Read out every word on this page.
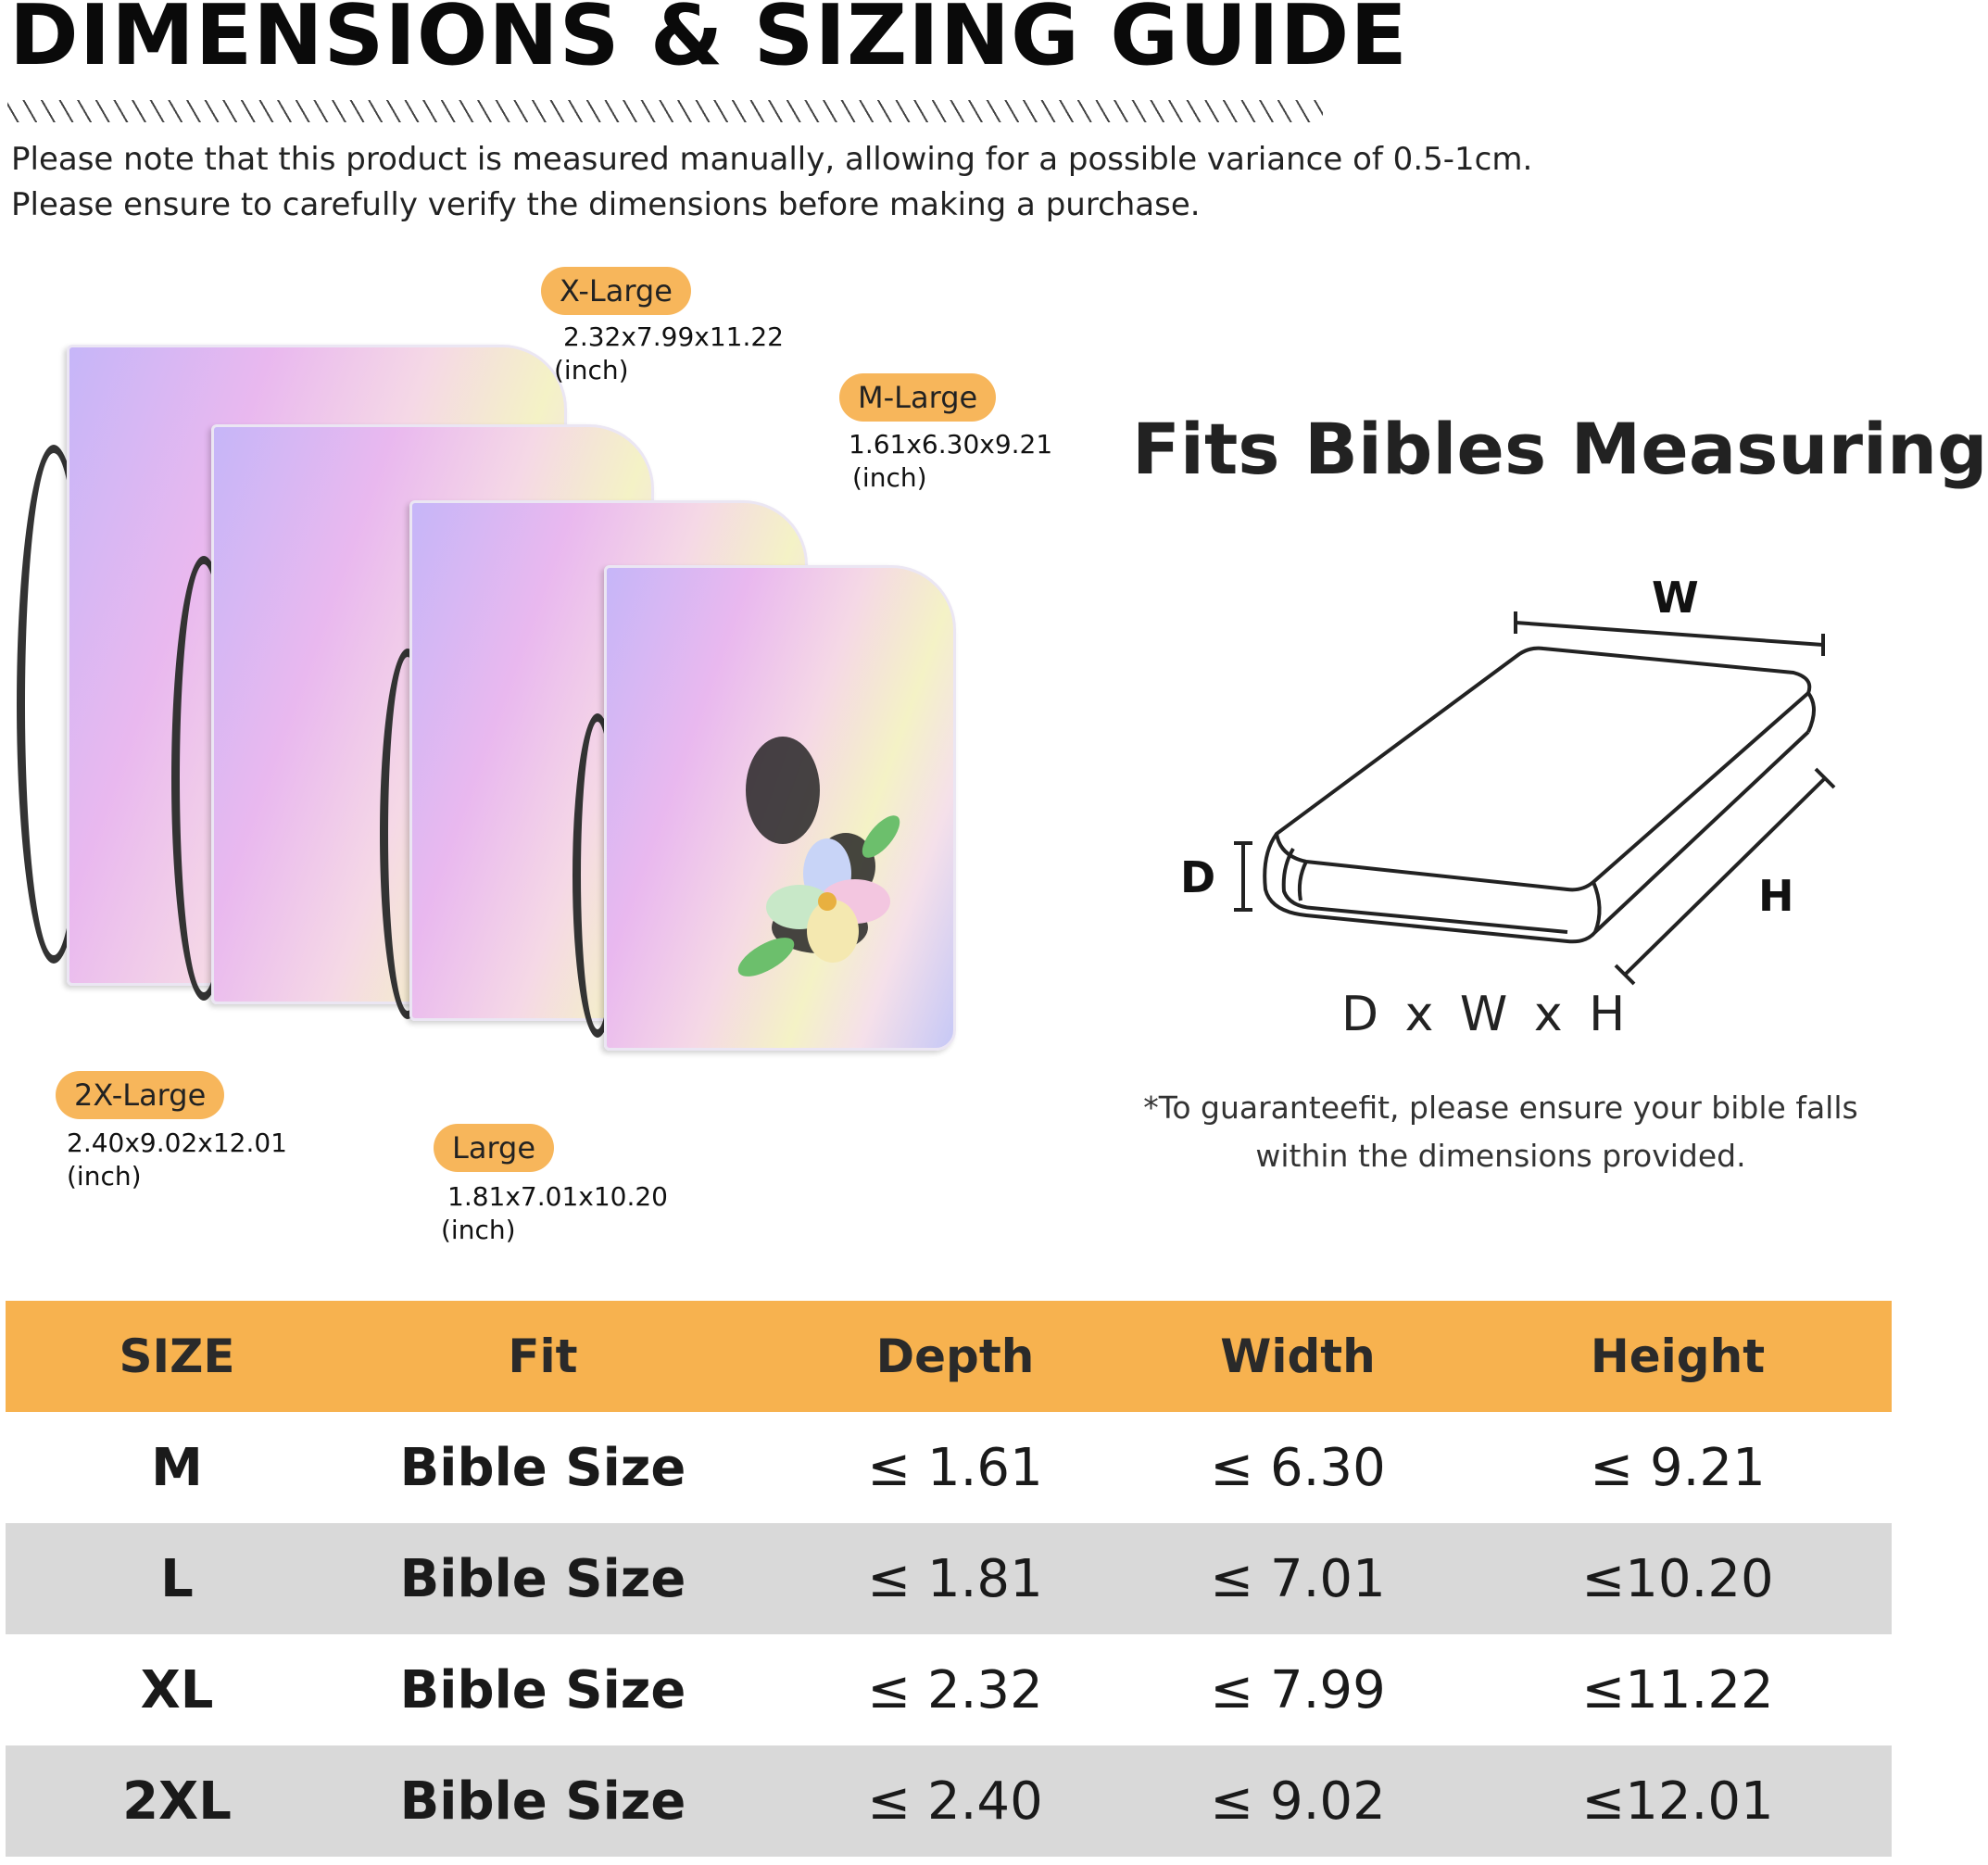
DIMENSIONS & SIZING GUIDE
Please note that this product is measured manually, allowing for a possible variance of 0.5-1cm.
Please ensure to carefully verify the dimensions before making a purchase.
X-Large
2.32x7.99x11.22
(inch)
M-Large
1.61x6.30x9.21
(inch)
2X-Large
2.40x9.02x12.01
(inch)
Large
1.81x7.01x10.20
(inch)
Fits Bibles Measuring
W
H
D
D x W x H
*To guaranteefit, please ensure your bible falls
within the dimensions provided.
SIZE	Fit	Depth	Width	Height
M	Bible Size	≤ 1.61	≤ 6.30	≤ 9.21
L	Bible Size	≤ 1.81	≤ 7.01	≤10.20
XL	Bible Size	≤ 2.32	≤ 7.99	≤11.22
2XL	Bible Size	≤ 2.40	≤ 9.02	≤12.01
